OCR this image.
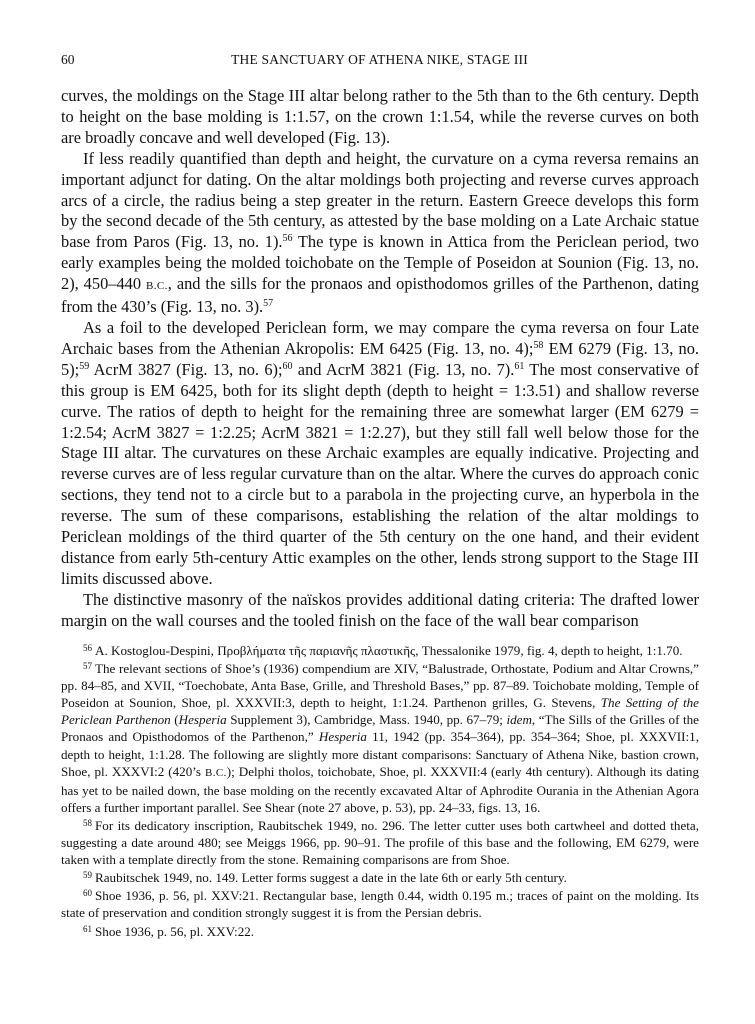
60	THE SANCTUARY OF ATHENA NIKE, STAGE III

curves, the moldings on the Stage III altar belong rather to the 5th than to the 6th century. Depth to height on the base molding is 1:1.57, on the crown 1:1.54, while the reverse curves on both are broadly concave and well developed (Fig. 13).

If less readily quantified than depth and height, the curvature on a cyma reversa remains an important adjunct for dating. On the altar moldings both projecting and reverse curves approach arcs of a circle, the radius being a step greater in the return. Eastern Greece develops this form by the second decade of the 5th century, as attested by the base molding on a Late Archaic statue base from Paros (Fig. 13, no. 1).$^{56}$ The type is known in Attica from the Periclean period, two early examples being the molded toichobate on the Temple of Poseidon at Sounion (Fig. 13, no. 2), 450–440 B.C., and the sills for the pronaos and opisthodomos grilles of the Parthenon, dating from the 430’s (Fig. 13, no. 3).$^{57}$

As a foil to the developed Periclean form, we may compare the cyma reversa on four Late Archaic bases from the Athenian Akropolis: EM 6425 (Fig. 13, no. 4);$^{58}$ EM 6279 (Fig. 13, no. 5);$^{59}$ AcrM 3827 (Fig. 13, no. 6);$^{60}$ and AcrM 3821 (Fig. 13, no. 7).$^{61}$ The most conservative of this group is EM 6425, both for its slight depth (depth to height = 1:3.51) and shallow reverse curve. The ratios of depth to height for the remaining three are somewhat larger (EM 6279 = 1:2.54; AcrM 3827 = 1:2.25; AcrM 3821 = 1:2.27), but they still fall well below those for the Stage III altar. The curvatures on these Archaic examples are equally indicative. Projecting and reverse curves are of less regular curvature than on the altar. Where the curves do approach conic sections, they tend not to a circle but to a parabola in the projecting curve, an hyperbola in the reverse. The sum of these comparisons, establishing the relation of the altar moldings to Periclean moldings of the third quarter of the 5th century on the one hand, and their evident distance from early 5th-century Attic examples on the other, lends strong support to the Stage III limits discussed above.

The distinctive masonry of the naïskos provides additional dating criteria: The drafted lower margin on the wall courses and the tooled finish on the face of the wall bear comparison

$^{56}$ A. Kostoglou-Despini, Προβλήματα τῆς παριανῆς πλαστικῆς, Thessalonike 1979, fig. 4, depth to height, 1:1.70.

$^{57}$ The relevant sections of Shoe’s (1936) compendium are XIV, “Balustrade, Orthostate, Podium and Altar Crowns,” pp. 84–85, and XVII, “Toechobate, Anta Base, Grille, and Threshold Bases,” pp. 87–89. Toichobate molding, Temple of Poseidon at Sounion, Shoe, pl. XXXVII:3, depth to height, 1:1.24. Parthenon grilles, G. Stevens, The Setting of the Periclean Parthenon (Hesperia Supplement 3), Cambridge, Mass. 1940, pp. 67–79; idem, “The Sills of the Grilles of the Pronaos and Opisthodomos of the Parthenon,” Hesperia 11, 1942 (pp. 354–364), pp. 354–364; Shoe, pl. XXXVII:1, depth to height, 1:1.28. The following are slightly more distant comparisons: Sanctuary of Athena Nike, bastion crown, Shoe, pl. XXXVI:2 (420’s B.C.); Delphi tholos, toichobate, Shoe, pl. XXXVII:4 (early 4th century). Although its dating has yet to be nailed down, the base molding on the recently excavated Altar of Aphrodite Ourania in the Athenian Agora offers a further important parallel. See Shear (note 27 above, p. 53), pp. 24–33, figs. 13, 16.

$^{58}$ For its dedicatory inscription, Raubitschek 1949, no. 296. The letter cutter uses both cartwheel and dotted theta, suggesting a date around 480; see Meiggs 1966, pp. 90–91. The profile of this base and the following, EM 6279, were taken with a template directly from the stone. Remaining comparisons are from Shoe.

$^{59}$ Raubitschek 1949, no. 149. Letter forms suggest a date in the late 6th or early 5th century.

$^{60}$ Shoe 1936, p. 56, pl. XXV:21. Rectangular base, length 0.44, width 0.195 m.; traces of paint on the molding. Its state of preservation and condition strongly suggest it is from the Persian debris.

$^{61}$ Shoe 1936, p. 56, pl. XXV:22.
